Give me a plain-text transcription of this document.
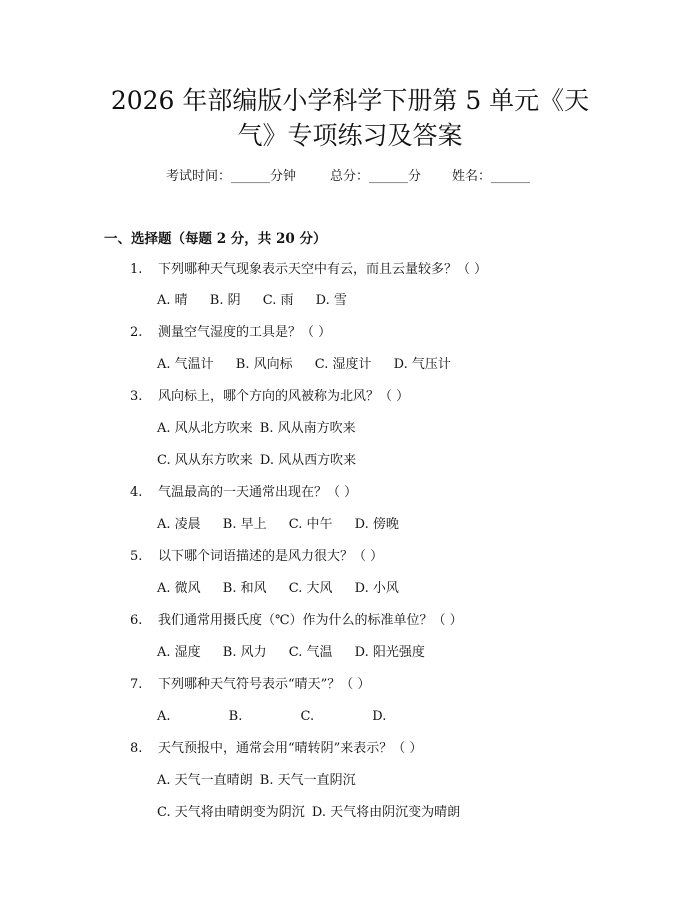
2026 年部编版小学科学下册第 5 单元《天
气》专项练习及答案
考试时间：______分钟	总分：______分 姓名：______
一、选择题（每题 2 分，共 20 分）
1. 下列哪种天气现象表示天空中有云，而且云量较多？（ ）
A. 晴 B. 阴 C. 雨 D. 雪
2. 测量空气湿度的工具是？（ ）
A. 气温计 B. 风向标 C. 湿度计 D. 气压计
3. 风向标上，哪个方向的风被称为北风？（ ）
A. 风从北方吹来 B. 风从南方吹来
C. 风从东方吹来 D. 风从西方吹来
4. 气温最高的一天通常出现在？（ ）
A. 凌晨 B. 早上 C. 中午 D. 傍晚
5. 以下哪个词语描述的是风力很大？（ ）
A. 微风 B. 和风 C. 大风 D. 小风
6. 我们通常用摄氏度（℃）作为什么的标准单位？（ ）
A. 湿度 B. 风力 C. 气温 D. 阳光强度
7. 下列哪种天气符号表示“晴天”？（ ）
A.	B.	C.	D.
8. 天气预报中，通常会用“晴转阴”来表示？（ ）
A. 天气一直晴朗 B. 天气一直阴沉
C. 天气将由晴朗变为阴沉 D. 天气将由阴沉变为晴朗
